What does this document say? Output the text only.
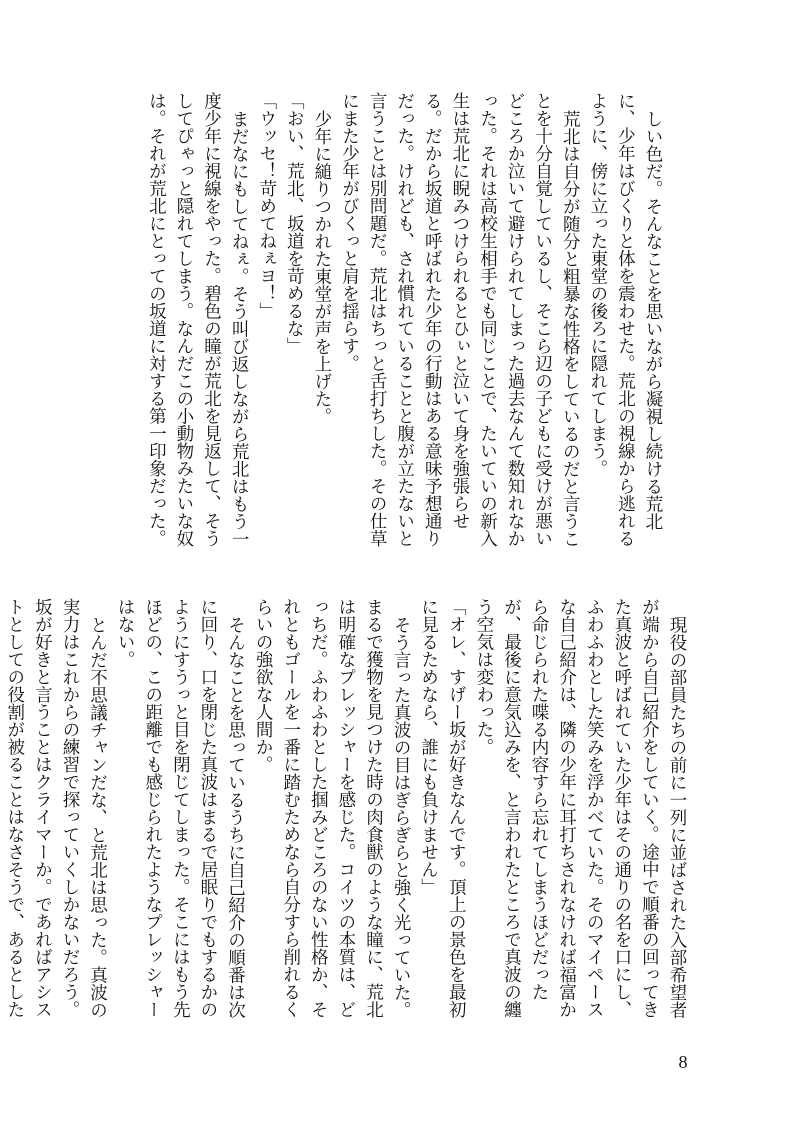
しい色だ。そんなことを思いながら凝視し続ける荒北に、少年はびくりと体を震わせた。荒北の視線から逃れるように、傍に立った東堂の後ろに隠れてしまう。

荒北は自分が随分と粗暴な性格をしているのだと言うことを十分自覚しているし、そこら辺の子どもに受けが悪いどころか泣いて避けられてしまった過去なんて数知れなかった。それは高校生相手でも同じことで、たいていの新入生は荒北に睨みつけられるとひぃと泣いて身を強張らせる。だから坂道と呼ばれた少年の行動はある意味予想通りだった。けれども、され慣れていることと腹が立たないと言うことは別問題だ。荒北はちっと舌打ちした。その仕草にまた少年がびくっと肩を揺らす。

少年に縋りつかれた東堂が声を上げた。

「おい、荒北、坂道を苛めるな」

「ウッセ！苛めてねぇヨ！」

まだなにもしてねぇ。そう叫び返しながら荒北はもう一度少年に視線をやった。碧色の瞳が荒北を見返して、そうしてぴゃっと隠れてしまう。なんだこの小動物みたいな奴は。それが荒北にとっての坂道に対する第一印象だった。

現役の部員たちの前に一列に並ばされた入部希望者が端から自己紹介をしていく。途中で順番の回ってきた真波と呼ばれていた少年はその通りの名を口にし、ふわふわとした笑みを浮かべていた。そのマイペースな自己紹介は、隣の少年に耳打ちされなければ福富から命じられた喋る内容すら忘れてしまうほどだったが、最後に意気込みを、と言われたところで真波の纏う空気は変わった。

「オレ、すげー坂が好きなんです。頂上の景色を最初に見るためなら、誰にも負けません」

そう言った真波の目はぎらぎらと強く光っていた。まるで獲物を見つけた時の肉食獣のような瞳に、荒北は明確なプレッシャーを感じた。コイツの本質は、どっちだ。ふわふわとした掴みどころのない性格か、それともゴールを一番に踏むためなら自分すら削れるくらいの強欲な人間か。

そんなことを思っているうちに自己紹介の順番は次に回り、口を閉じた真波はまるで居眠りでもするかのようにすうっと目を閉じてしまった。そこにはもう先ほどの、この距離でも感じられたようなプレッシャーはない。

とんだ不思議チャンだな、と荒北は思った。真波の実力はこれからの練習で探っていくしかないだろう。坂が好きと言うことはクライマーか。であればアシストとしての役割が被ることはなさそうで、あるとした

8
